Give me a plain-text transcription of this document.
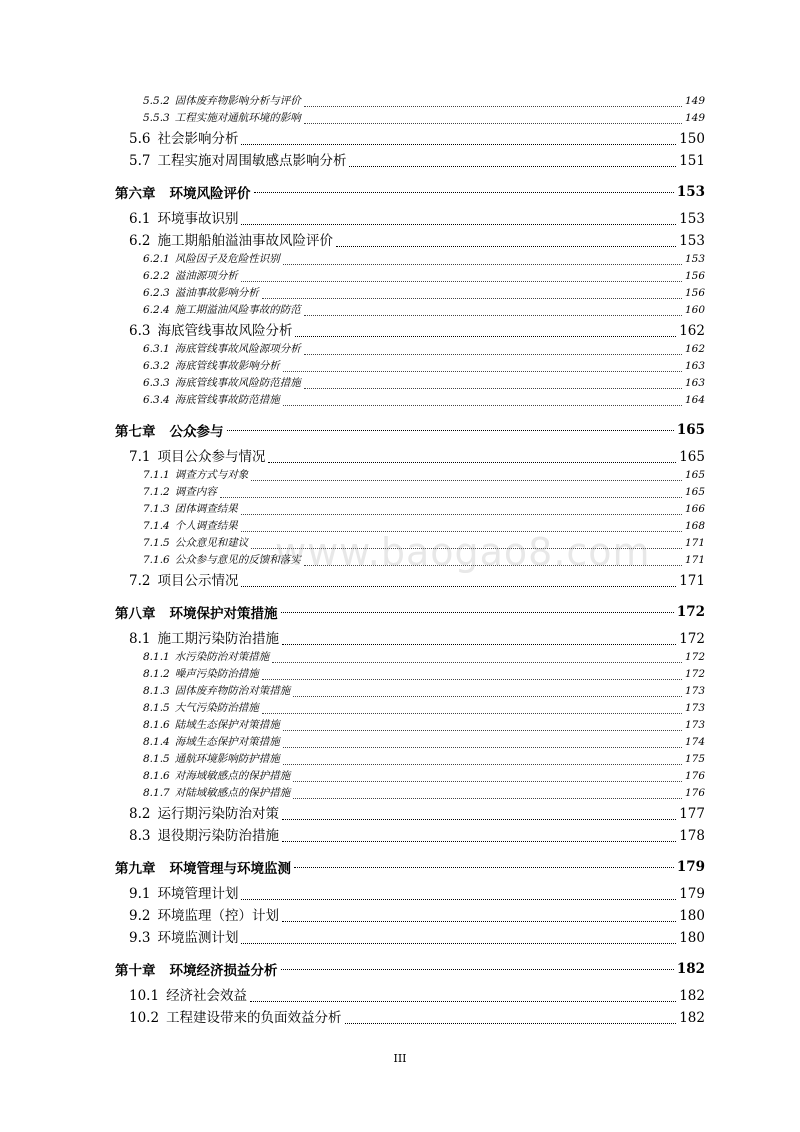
5.5.2 固体废弃物影响分析与评价	149
5.5.3 工程实施对通航环境的影响	149
5.6 社会影响分析	150
5.7 工程实施对周围敏感点影响分析	151
第六章 环境风险评价	153
6.1 环境事故识别	153
6.2 施工期船舶溢油事故风险评价	153
6.2.1 风险因子及危险性识别	153
6.2.2 溢油源项分析	156
6.2.3 溢油事故影响分析	156
6.2.4 施工期溢油风险事故的防范	160
6.3 海底管线事故风险分析	162
6.3.1 海底管线事故风险源项分析	162
6.3.2 海底管线事故影响分析	163
6.3.3 海底管线事故风险防范措施	163
6.3.4 海底管线事故防范措施	164
第七章 公众参与	165
7.1 项目公众参与情况	165
7.1.1 调查方式与对象	165
7.1.2 调查内容	165
7.1.3 团体调查结果	166
7.1.4 个人调查结果	168
7.1.5 公众意见和建议	171
7.1.6 公众参与意见的反馈和落实	171
7.2 项目公示情况	171
第八章 环境保护对策措施	172
8.1 施工期污染防治措施	172
8.1.1 水污染防治对策措施	172
8.1.2 噪声污染防治措施	172
8.1.3 固体废弃物防治对策措施	173
8.1.5 大气污染防治措施	173
8.1.6 陆域生态保护对策措施	173
8.1.4 海域生态保护对策措施	174
8.1.5 通航环境影响防护措施	175
8.1.6 对海域敏感点的保护措施	176
8.1.7 对陆域敏感点的保护措施	176
8.2 运行期污染防治对策	177
8.3 退役期污染防治措施	178
第九章 环境管理与环境监测	179
9.1 环境管理计划	179
9.2 环境监理（控）计划	180
9.3 环境监测计划	180
第十章 环境经济损益分析	182
10.1 经济社会效益	182
10.2 工程建设带来的负面效益分析	182
www.baogao8.com
III
